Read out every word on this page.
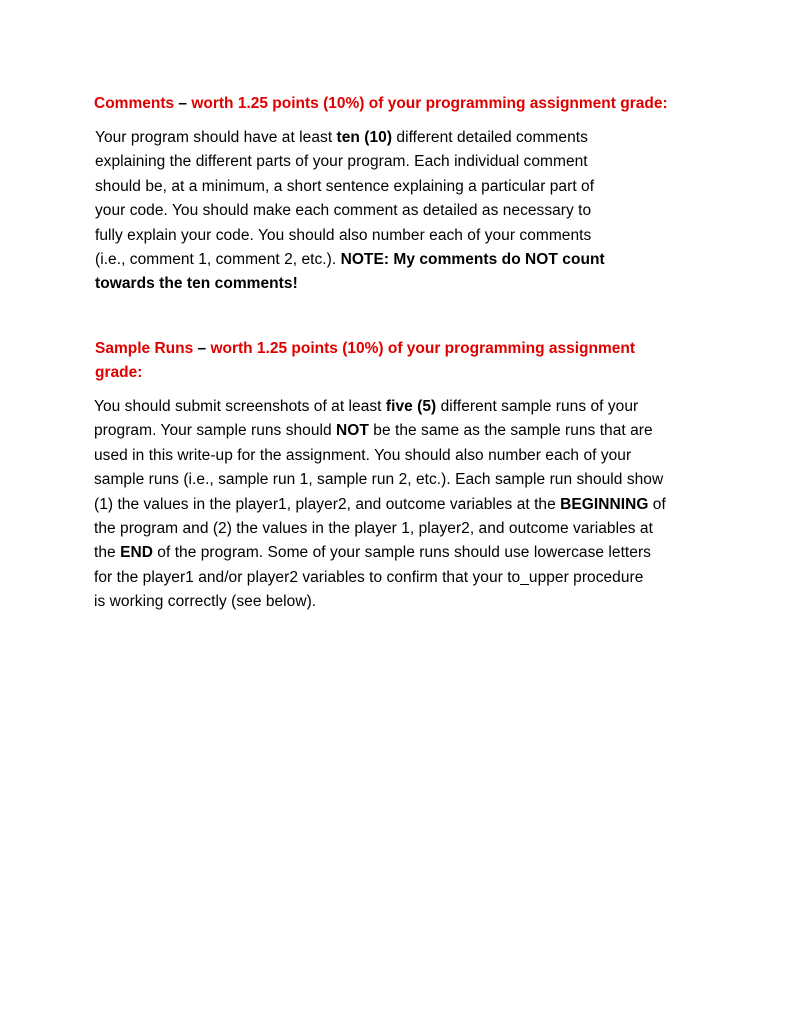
Comments – worth 1.25 points (10%) of your programming assignment grade:

Your program should have at least ten (10) different detailed comments
explaining the different parts of your program. Each individual comment
should be, at a minimum, a short sentence explaining a particular part of
your code. You should make each comment as detailed as necessary to
fully explain your code. You should also number each of your comments
(i.e., comment 1, comment 2, etc.). NOTE: My comments do NOT count
towards the ten comments!
Sample Runs – worth 1.25 points (10%) of your programming assignment
grade:
You should submit screenshots of at least five (5) different sample runs of your
program. Your sample runs should NOT be the same as the sample runs that are
used in this write-up for the assignment. You should also number each of your
sample runs (i.e., sample run 1, sample run 2, etc.). Each sample run should show
(1) the values in the player1, player2, and outcome variables at the BEGINNING of
the program and (2) the values in the player 1, player2, and outcome variables at
the END of the program. Some of your sample runs should use lowercase letters
for the player1 and/or player2 variables to confirm that your to_upper procedure
is working correctly (see below).
